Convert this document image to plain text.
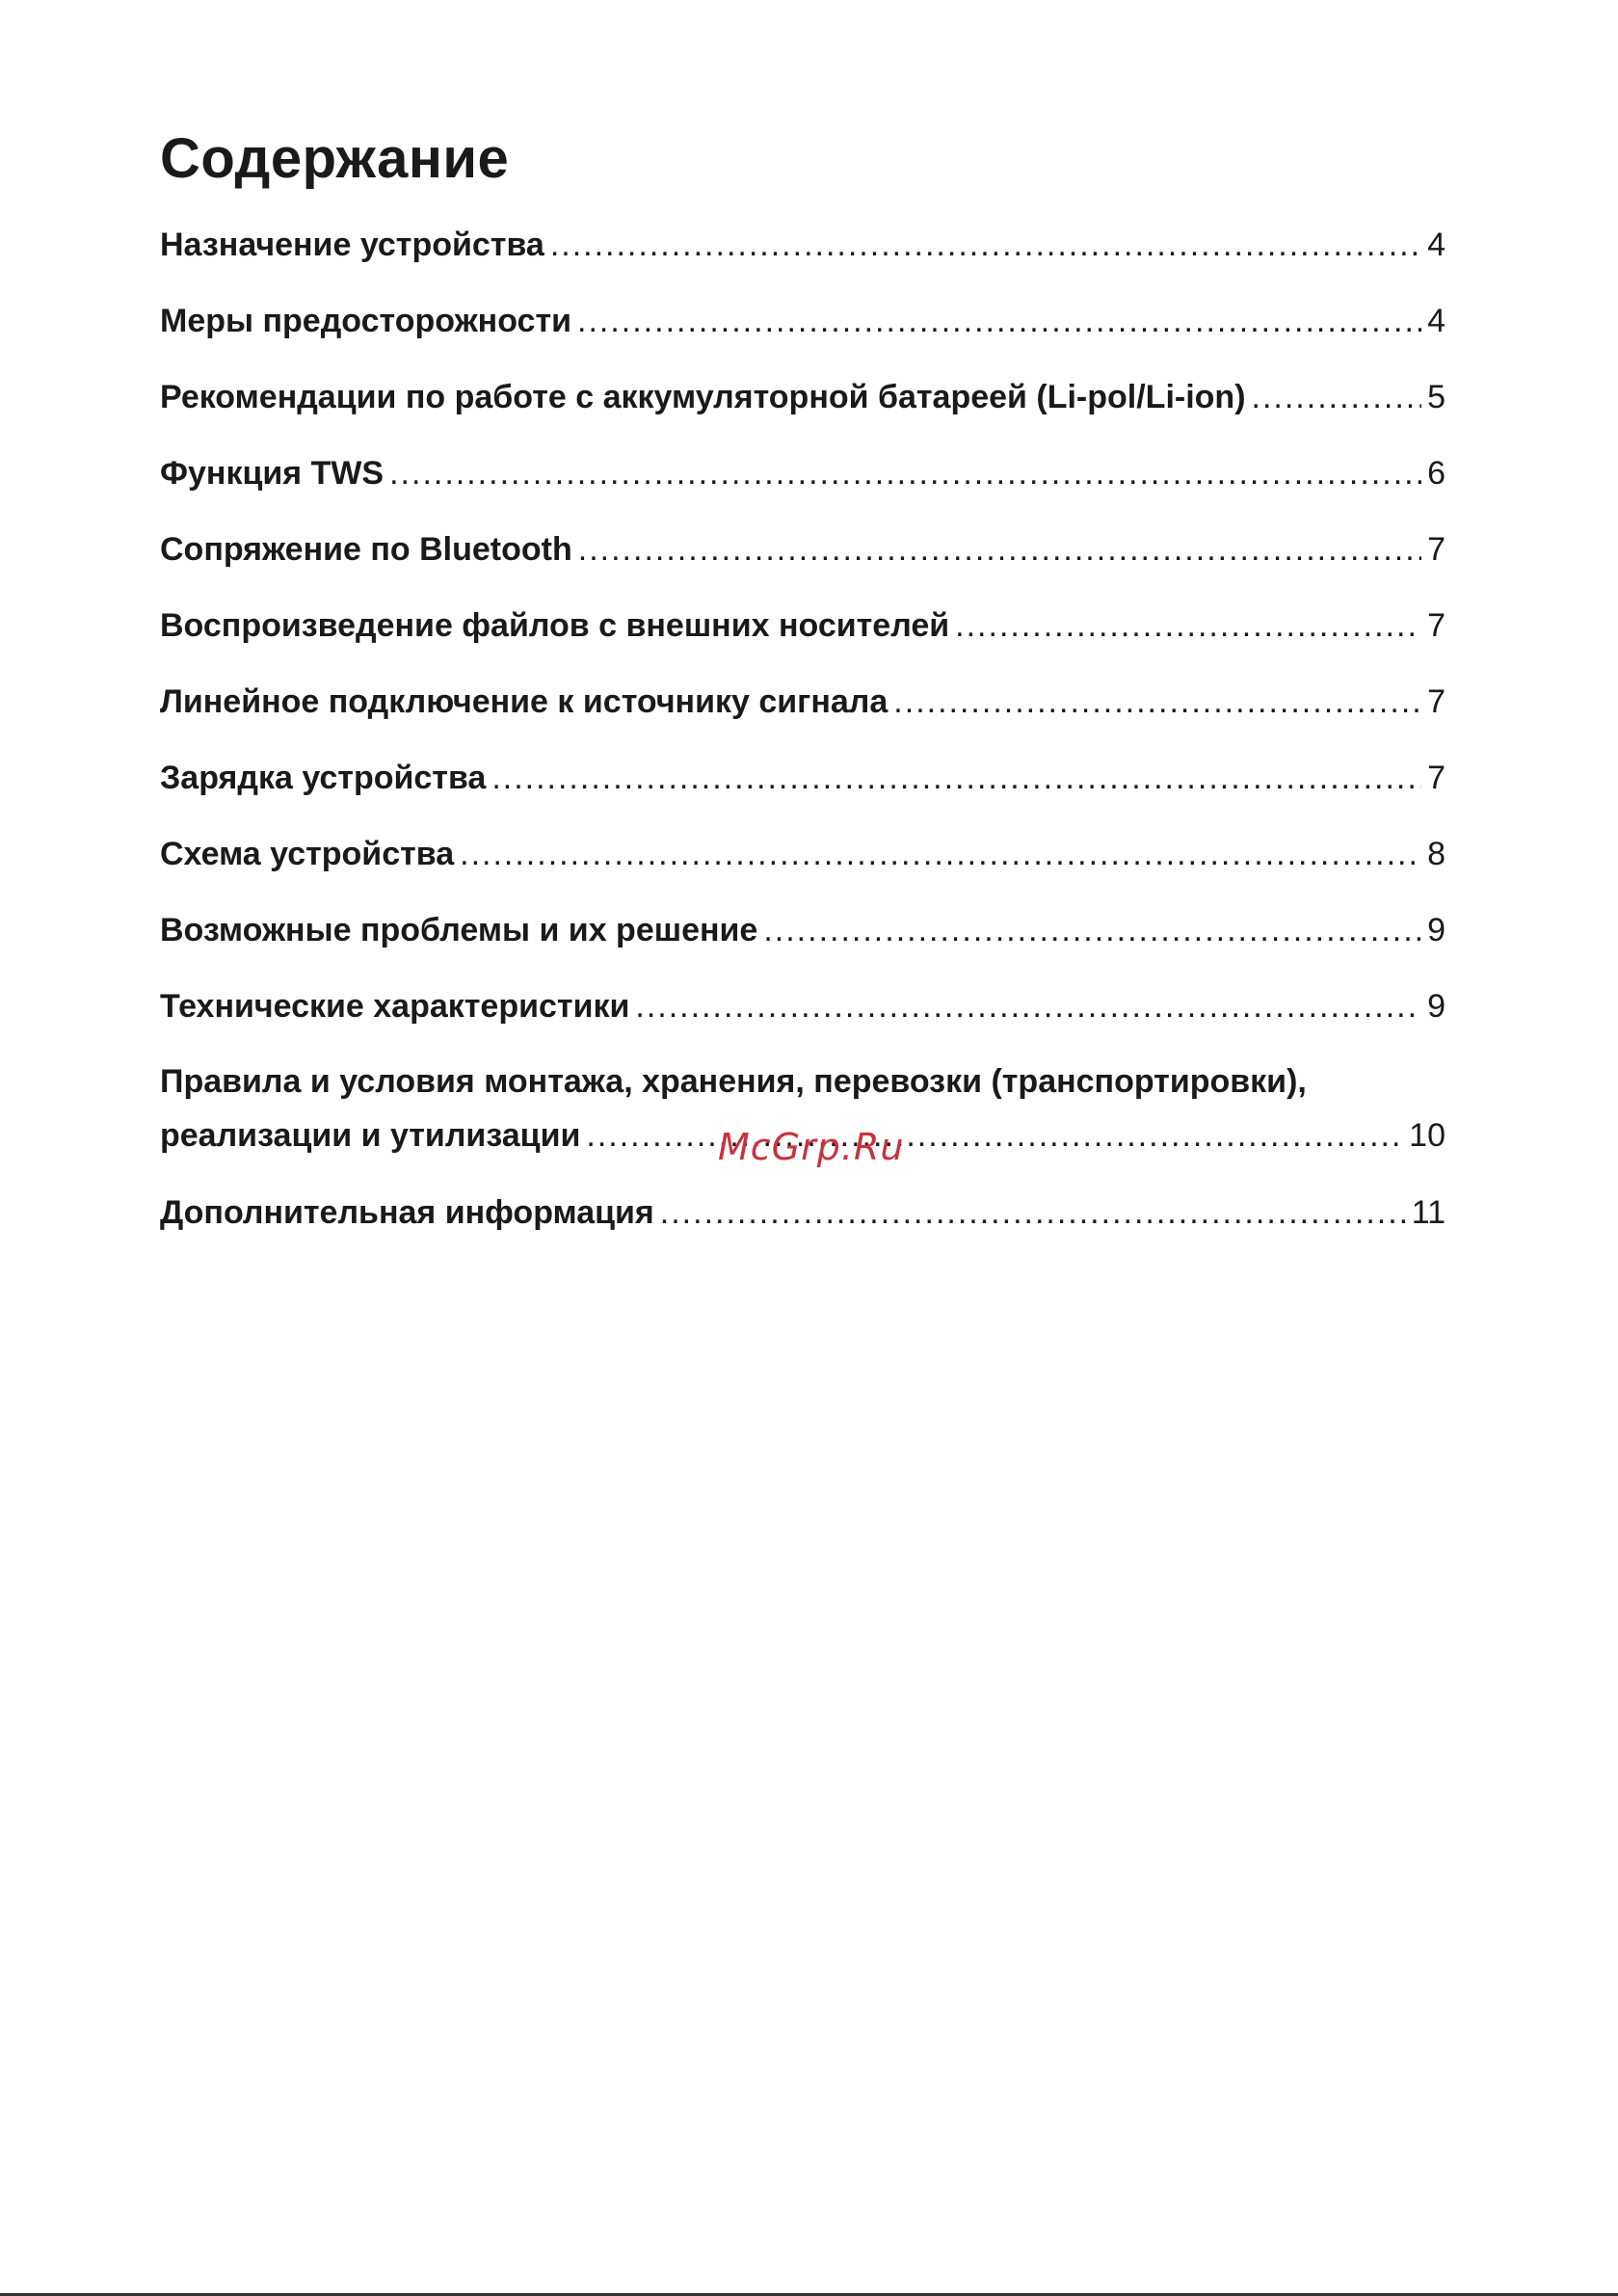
Содержание
Назначение устройства .....	4
Меры предосторожности .....	4
Рекомендации по работе с аккумуляторной батареей (Li-pol/Li-ion) .....	5
Функция TWS .....	6
Сопряжение по Bluetooth .....	7
Воспроизведение файлов с внешних носителей .....	7
Линейное подключение к источнику сигнала .....	7
Зарядка устройства .....	7
Схема устройства .....	8
Возможные проблемы и их решение .....	9
Технические характеристики .....	9
Правила и условия монтажа, хранения, перевозки (транспортировки),
реализации и утилизации .....	10
Дополнительная информация .....	11
McGrp.Ru
